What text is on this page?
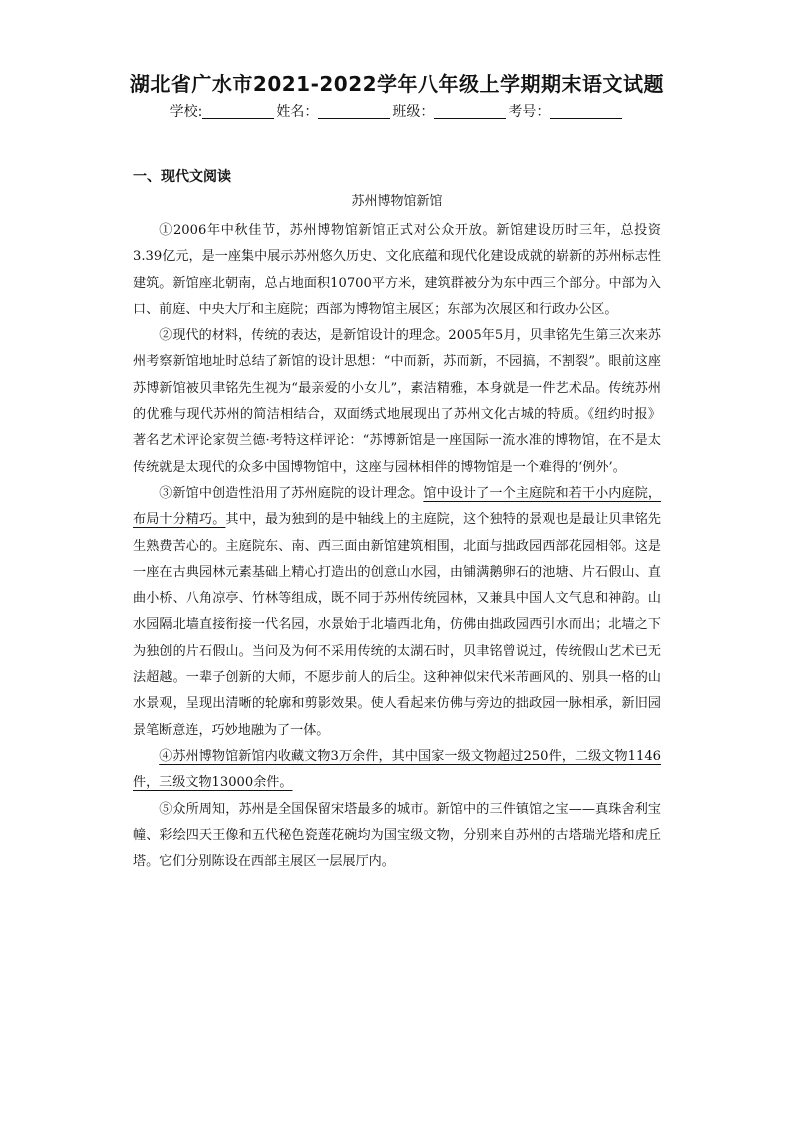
湖北省广水市2021-2022学年八年级上学期期末语文试题
学校:	姓名：	班级：	考号：
一、现代文阅读
苏州博物馆新馆

①2006年中秋佳节，苏州博物馆新馆正式对公众开放。新馆建设历时三年，总投资3.39亿元，是一座集中展示苏州悠久历史、文化底蕴和现代化建设成就的崭新的苏州标志性建筑。新馆座北朝南，总占地面积10700平方米，建筑群被分为东中西三个部分。中部为入口、前庭、中央大厅和主庭院；西部为博物馆主展区；东部为次展区和行政办公区。

②现代的材料，传统的表达，是新馆设计的理念。2005年5月，贝聿铭先生第三次来苏州考察新馆地址时总结了新馆的设计思想：“中而新，苏而新，不园搞，不割裂”。眼前这座苏博新馆被贝聿铭先生视为“最亲爱的小女儿”，素洁精雅，本身就是一件艺术品。传统苏州的优雅与现代苏州的简洁相结合，双面绣式地展现出了苏州文化古城的特质。《纽约时报》著名艺术评论家贺兰德·考特这样评论：“苏博新馆是一座国际一流水准的博物馆，在不是太传统就是太现代的众多中国博物馆中，这座与园林相伴的博物馆是一个难得的‘例外’。

③新馆中创造性沿用了苏州庭院的设计理念。馆中设计了一个主庭院和若干小内庭院，布局十分精巧。其中，最为独到的是中轴线上的主庭院，这个独特的景观也是最让贝聿铭先生熟费苦心的。主庭院东、南、西三面由新馆建筑相围，北面与拙政园西部花园相邻。这是一座在古典园林元素基础上精心打造出的创意山水园，由铺满鹅卵石的池塘、片石假山、直曲小桥、八角凉亭、竹林等组成，既不同于苏州传统园林，又兼具中国人文气息和神韵。山水园隔北墙直接衔接一代名园，水景始于北墙西北角，仿佛由拙政园西引水而出；北墙之下为独创的片石假山。当问及为何不采用传统的太湖石时，贝聿铭曾说过，传统假山艺术已无法超越。一辈子创新的大师，不愿步前人的后尘。这种神似宋代米芾画风的、别具一格的山水景观，呈现出清晰的轮廓和剪影效果。使人看起来仿佛与旁边的拙政园一脉相承，新旧园景笔断意连，巧妙地融为了一体。

④苏州博物馆新馆内收藏文物3万余件，其中国家一级文物超过250件，二级文物1146件，三级文物13000余件。

⑤众所周知，苏州是全国保留宋塔最多的城市。新馆中的三件镇馆之宝——真珠舍利宝幢、彩绘四天王像和五代秘色瓷莲花碗均为国宝级文物，分别来自苏州的古塔瑞光塔和虎丘塔。它们分别陈设在西部主展区一层展厅内。
